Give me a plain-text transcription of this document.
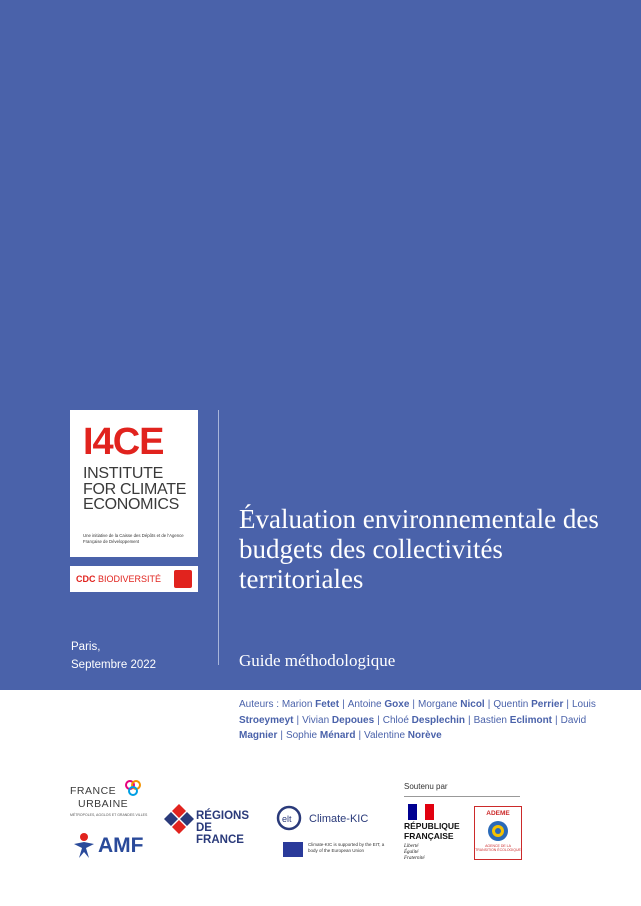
I4CE
INSTITUTE FOR CLIMATE ECONOMICS
Une initiative de la Caisse des Dépôts et de l'Agence Française de Développement
CDC BIODIVERSITÉ
Évaluation environnementale des budgets des collectivités territoriales
Guide méthodologique
Paris,
Septembre 2022
Auteurs : Marion Fetet | Antoine Goxe | Morgane Nicol | Quentin Perrier | Louis Stroeymeyt | Vivian Depoues | Chloé Desplechin | Bastien Eclimont | David Magnier | Sophie Ménard | Valentine Norève
FRANCE
URBAINE
MÉTROPOLES, AGGLOS ET GRANDES VILLES
AMF
RÉGIONS
DE FRANCE
elt Climate-KIC
Climate-KIC is supported by the EIT, a body of the European Union
Soutenu par
RÉPUBLIQUE
FRANÇAISE
Liberté
Égalité
Fraternité
ADEME
AGENCE DE LA TRANSITION ÉCOLOGIQUE
